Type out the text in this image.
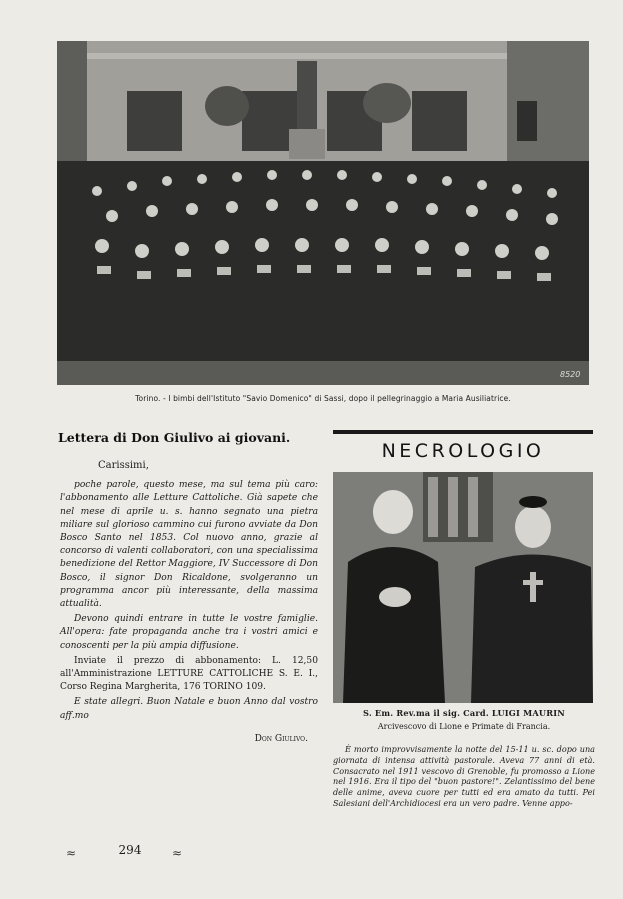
8520
Torino. - I bimbi dell'Istituto "Savio Domenico" di Sassi, dopo il pellegrinaggio a Maria Ausiliatrice.
Lettera di Don Giulivo ai giovani.

Carissimi,

poche parole, questo mese, ma sul tema più caro: l'abbonamento alle Letture Cattoliche. Già sapete che nel mese di aprile u. s. hanno segnato una pietra miliare sul glorioso cammino cui furono avviate da Don Bosco Santo nel 1853. Col nuovo anno, grazie al concorso di valenti collaboratori, con una specialissima benedizione del Rettor Maggiore, IV Successore di Don Bosco, il signor Don Ricaldone, svolgeranno un programma ancor più interessante, della massima attualità.

Devono quindi entrare in tutte le vostre famiglie. All'opera: fate propaganda anche tra i vostri amici e conoscenti per la più ampia diffusione.

Inviate il prezzo di abbonamento: L. 12,50 all'Amministrazione LETTURE CATTOLICHE S. E. I., Corso Regina Margherita, 176 TORINO 109.

E state allegri. Buon Natale e buon Anno dal vostro aff.mo

Don Giulivo.

NECROLOGIO
S. Em. Rev.ma il sig. Card. LUIGI MAURIN
Arcivescovo di Lione e Primate di Francia.

È morto improvvisamente la notte del 15-11 u. sc. dopo una giornata di intensa attività pastorale. Aveva 77 anni di età. Consacrato nel 1911 vescovo di Grenoble, fu promosso a Lione nel 1916. Era il tipo del "buon pastore!". Zelantissimo del bene delle anime, aveva cuore per tutti ed era amato da tutti. Pei Salesiani dell'Archidiocesi era un vero padre. Venne appo-

≈	294	≈
